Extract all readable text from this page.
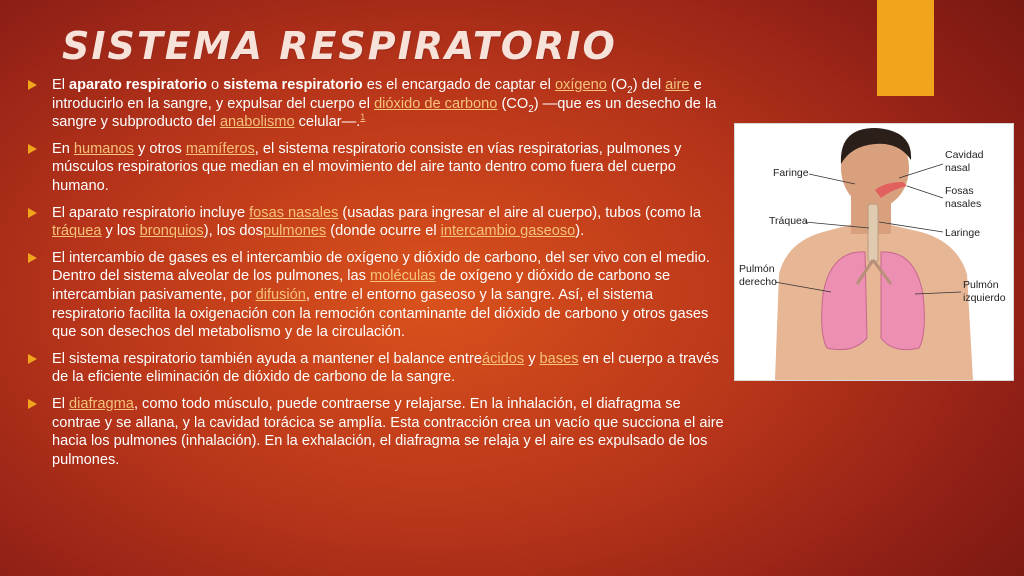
SISTEMA RESPIRATORIO
El aparato respiratorio o sistema respiratorio es el encargado de captar el oxígeno $(O_2)$ del aire e introducirlo en la sangre, y expulsar del cuerpo el dióxido de carbono $(CO_2)$ —que es un desecho de la sangre y subproducto del anabolismo celular—.$^1$
En humanos y otros mamíferos, el sistema respiratorio consiste en vías respiratorias, pulmones y músculos respiratorios que median en el movimiento del aire tanto dentro como fuera del cuerpo humano.
El aparato respiratorio incluye fosas nasales (usadas para ingresar el aire al cuerpo), tubos (como la tráquea y los bronquios), los dospulmones (donde ocurre el intercambio gaseoso).
El intercambio de gases es el intercambio de oxígeno y dióxido de carbono, del ser vivo con el medio. Dentro del sistema alveolar de los pulmones, las moléculas de oxígeno y dióxido de carbono se intercambian pasivamente, por difusión, entre el entorno gaseoso y la sangre. Así, el sistema respiratorio facilita la oxigenación con la remoción contaminante del dióxido de carbono y otros gases que son desechos del metabolismo y de la circulación.
El sistema respiratorio también ayuda a mantener el balance entreácidos y bases en el cuerpo a través de la eficiente eliminación de dióxido de carbono de la sangre.
El diafragma, como todo músculo, puede contraerse y relajarse. En la inhalación, el diafragma se contrae y se allana, y la cavidad torácica se amplía. Esta contracción crea un vacío que succiona el aire hacia los pulmones (inhalación). En la exhalación, el diafragma se relaja y el aire es expulsado de los pulmones.
Faringe
Cavidad
nasal
Fosas
nasales
Tráquea
Laringe
Pulmón
derecho	Pulmón
izquierdo
